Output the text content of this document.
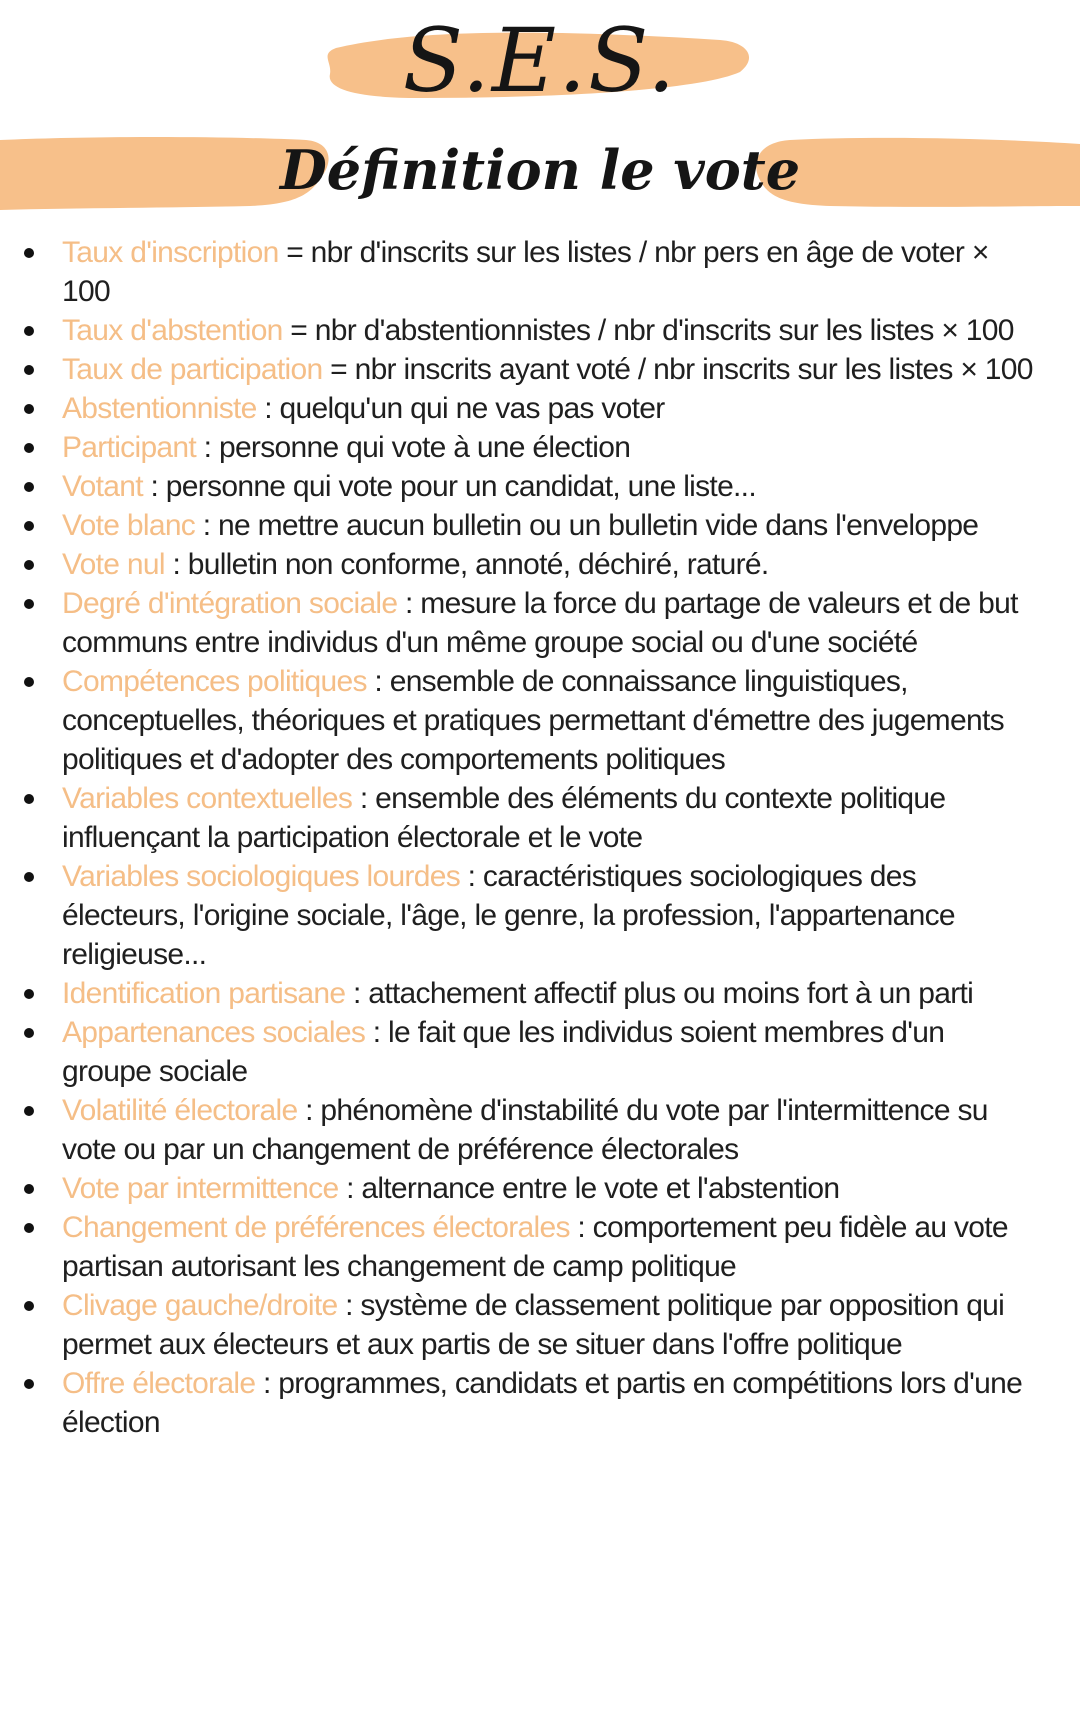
S.E.S.
Définition le vote
Taux d'inscription = nbr d'inscrits sur les listes / nbr pers en âge de voter × 100
Taux d'abstention = nbr d'abstentionnistes / nbr d'inscrits sur les listes × 100
Taux de participation = nbr inscrits ayant voté / nbr inscrits sur les listes × 100
Abstentionniste : quelqu'un qui ne vas pas voter
Participant : personne qui vote à une élection
Votant : personne qui vote pour un candidat, une liste...
Vote blanc : ne mettre aucun bulletin ou un bulletin vide dans l'enveloppe
Vote nul : bulletin non conforme, annoté, déchiré, raturé.
Degré d'intégration sociale : mesure la force du partage de valeurs et de but communs entre individus d'un même groupe social ou d'une société
Compétences politiques : ensemble de connaissance linguistiques, conceptuelles, théoriques et pratiques permettant d'émettre des jugements politiques et d'adopter des comportements politiques
Variables contextuelles : ensemble des éléments du contexte politique influençant la participation électorale et le vote
Variables sociologiques lourdes : caractéristiques sociologiques des électeurs, l'origine sociale, l'âge, le genre, la profession, l'appartenance religieuse...
Identification partisane : attachement affectif plus ou moins fort à un parti
Appartenances sociales : le fait que les individus soient membres d'un groupe sociale
Volatilité électorale : phénomène d'instabilité du vote par l'intermittence su vote ou par un changement de préférence électorales
Vote par intermittence : alternance entre le vote et l'abstention
Changement de préférences électorales : comportement peu fidèle au vote partisan autorisant les changement de camp politique
Clivage gauche/droite : système de classement politique par opposition qui permet aux électeurs et aux partis de se situer dans l'offre politique
Offre électorale : programmes, candidats et partis en compétitions lors d'une élection
